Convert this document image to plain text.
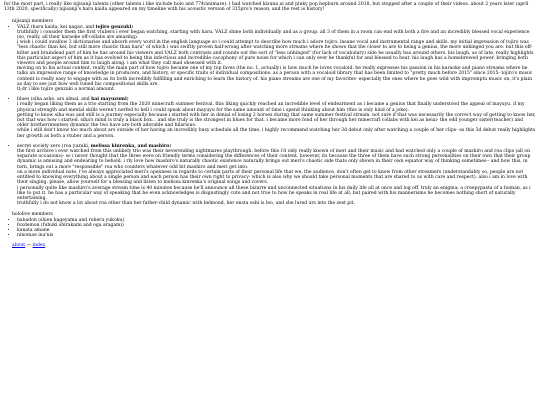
for the most part, i really like nijisanji talents (other talents i like include holo and 774/animare). i had watched kizuna ai and pinky pop hepburn around 2018, but stopped after a couple of their videos. about 2 years later (april 13th 2020, specifically) nijisanji's haru kaida appeared on my timeline with his acoustic version of 315pro's reason, and the rest is history!

nijisanji members

• VALZ (haru kaida, kei nagao, and tojiro genzuki)

truthfully i consider them the first vtubers i ever began watching, starting with haru. VALZ shine both individually and as a group. all 3 of them in a room can end with both a fire and an incredibly blessed vocal experience (so, really, all their karaoke off-collabs are amazing).

i wish i could swallow 3 dictionaries and absorb every word in the english language so i could attempt to describe how much i adore tojiro. insane vocal and instrumental range and skills. my initial impression of tojiro was "less chaotic than kei, but still more chaotic than haru" of which i was swiftly proven half-wrong after watching more streams where he shows that the closer to are to being a genius, the more unhinged you are. but this off-kilter and braindead part of him he has around his viewers and VALZ both contrasts and rounds out the sort of "less unhinged" (for lack of vocabulary) side he usually has around others. his laugh, as of late, really highlights this particular aspect of him as it has evolved to being this infectious and incredible cacophony of pure noise for which i can only ever be thankful for and blessed to hear. his laugh has a homebrewed power, bringing both viewers and people around him to laugh along. i am what they call mad obsessed with it.

moving on to his actual content, really the main part of how tojiro became one of my top faves (the no. 1, actually) is how much he loves vocaloid. he really expresses his passion in his karaoke and piano streams where he talks an impressive range of knowledge in producers, and history, or specific traits of individual compositions. as a person with a vocaloid library that has been limited to "pretty much before 2015" since 2015- tojiro's music content is really easy to engage with as its both incredibly fulfilling and enriching to learn the history of. his piano streams are one of my favorites- especially the ones where he goes wild with impromptu music on, it's plain as day to see just how well tuned his compositional skills are.

tl;dr i like tojiro genzuki a normal amount.

• blues (siha ashe, ars almal, and kai mayuzumi)

i really began liking them as a trio starting from the 2020 minecraft summer festival. this liking quickly reached an incredible level of endearment as i became a genius that finally understood the appeal of mayuyu. if my physical strength and mental skills weren't nerfed to hell i could speak about mayuyu for the same amount of time i spend thinking about him (this is only kind of a joke).

getting to know siha was and still is a journey especially because i started with her in denial of losing 2 horses during that same summer festival stream. not sure if that was necessarily the correct way of getting to know her, but that was how i started. siha's mind is truly a black box... and she truly is the strongest in blues for that. i became more fond of her through her minecraft collabs with kei as keiai- the odd younger sister(teacher) and older brother(mentee) dynamic the two have are both adorable and hilarious.

while i still don't know too much about ars outside of her having an incredibly busy schedule all the time, i highly recommend watching her 3d debut only after watching a couple of her clips- as this 3d debut really highlights her growth as both a vtuber and a person.

• secret society xero (roa yuzuki, melissa kinrenka, and mashiro)

the first archive i ever watched from this unlikely trio was their neverending nightmares playthrough. before this i'd only really known of meri and their music and had watched only a couple of mashiro and roa clips (all on separate occasions)- so i never thought that the three were on friendly terms considering the differences of their content. however, its because the three of them have such strong personalities on their own that their group dynamic is amusing and endearing to behold. i rly love how mashiro's naturally chaotic existence naturally brings out meri's chaotic side thats only shown in their own equator way of thinking sometimes-- and how this, in turn, brings out a more "responsible" roa who counters whatever odd bit mashiro and meri get into.

on a more individual note, i've always appreciated meri's openness in regards to certain parts of their personal life that we, the audience, don't often get to know from other streamers (understandably so, people are not entitled to knowing everything about a single person and each person has their own right to privacy- which is also why we should take personal moments that are shared to us with care and respect). also i am in love with their singing. please, allow yourself for a blessing and listen to melissa kinrenka's original songs and covers.

i personally quite like mashiro's average stream time is 40 minutes because he'll announce all these bizarre and unconnected situations in his daily life all at once and log off. truly an enigma; a creepypasta of a human, as i like to put it. he has a particular way of speaking that he even acknowledges is disgustingly cute and not true to how he speaks in real life at all, but paired with his mannerisms he becomes nothing short of naturally entertaining.

truthfully i do not know a lot about roa other than her father-child dynamic with belmond, her ensta oshi is leo, and she lured ars into the zest pit.

hololive members

• babadon (shien kageyama and roberu yukoku)
• foxdemon (fubuki shirakami and oga aragami)
• kanata amane
• ninomae ina'nis

about --- index
